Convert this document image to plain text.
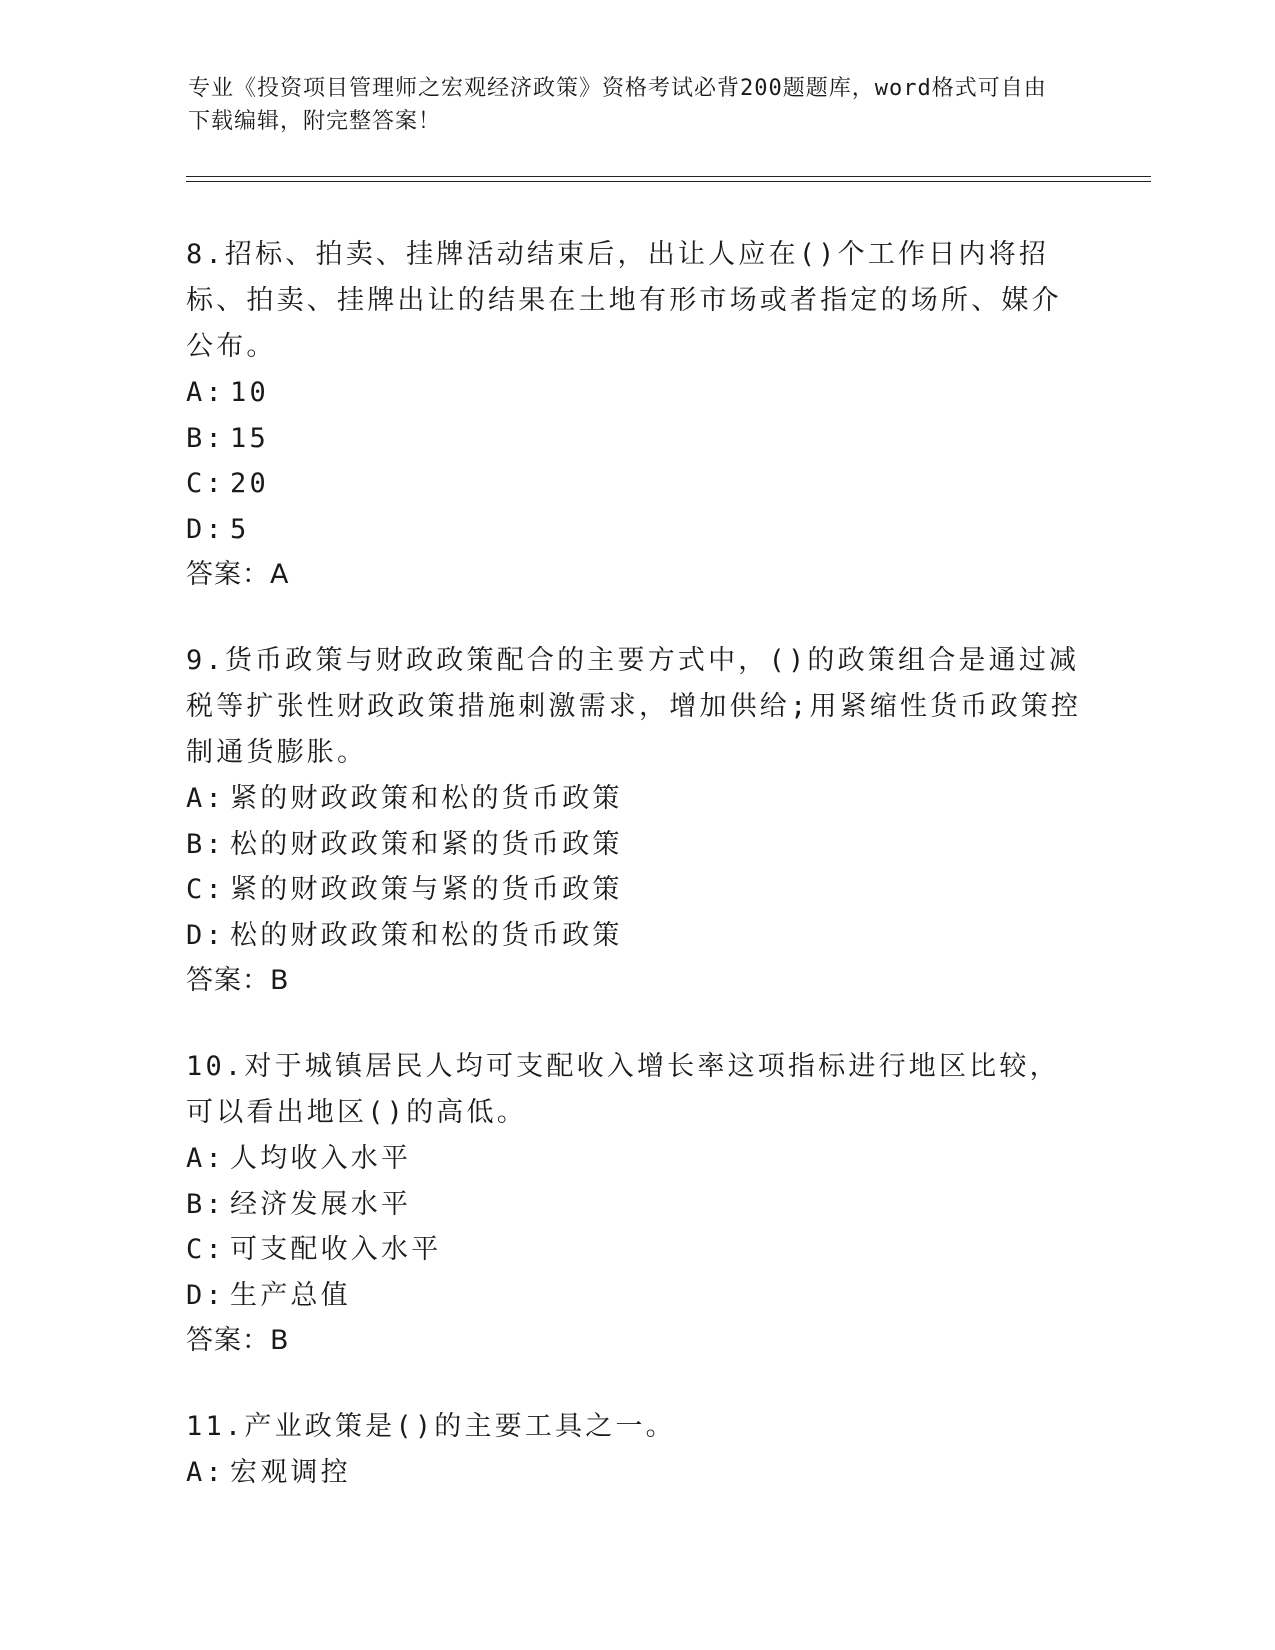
专业《投资项目管理师之宏观经济政策》资格考试必背200题题库，word格式可自由下载编辑，附完整答案！

8.招标、拍卖、挂牌活动结束后，出让人应在()个工作日内将招标、拍卖、挂牌出让的结果在土地有形市场或者指定的场所、媒介公布。

A: 10

B: 15

C: 20

D: 5

答案：A

9.货币政策与财政政策配合的主要方式中，()的政策组合是通过减税等扩张性财政政策措施刺激需求，增加供给;用紧缩性货币政策控制通货膨胀。

A: 紧的财政政策和松的货币政策

B: 松的财政政策和紧的货币政策

C: 紧的财政政策与紧的货币政策

D: 松的财政政策和松的货币政策

答案：B

10.对于城镇居民人均可支配收入增长率这项指标进行地区比较，可以看出地区()的高低。

A: 人均收入水平

B: 经济发展水平

C: 可支配收入水平

D: 生产总值

答案：B

11.产业政策是()的主要工具之一。

A: 宏观调控
